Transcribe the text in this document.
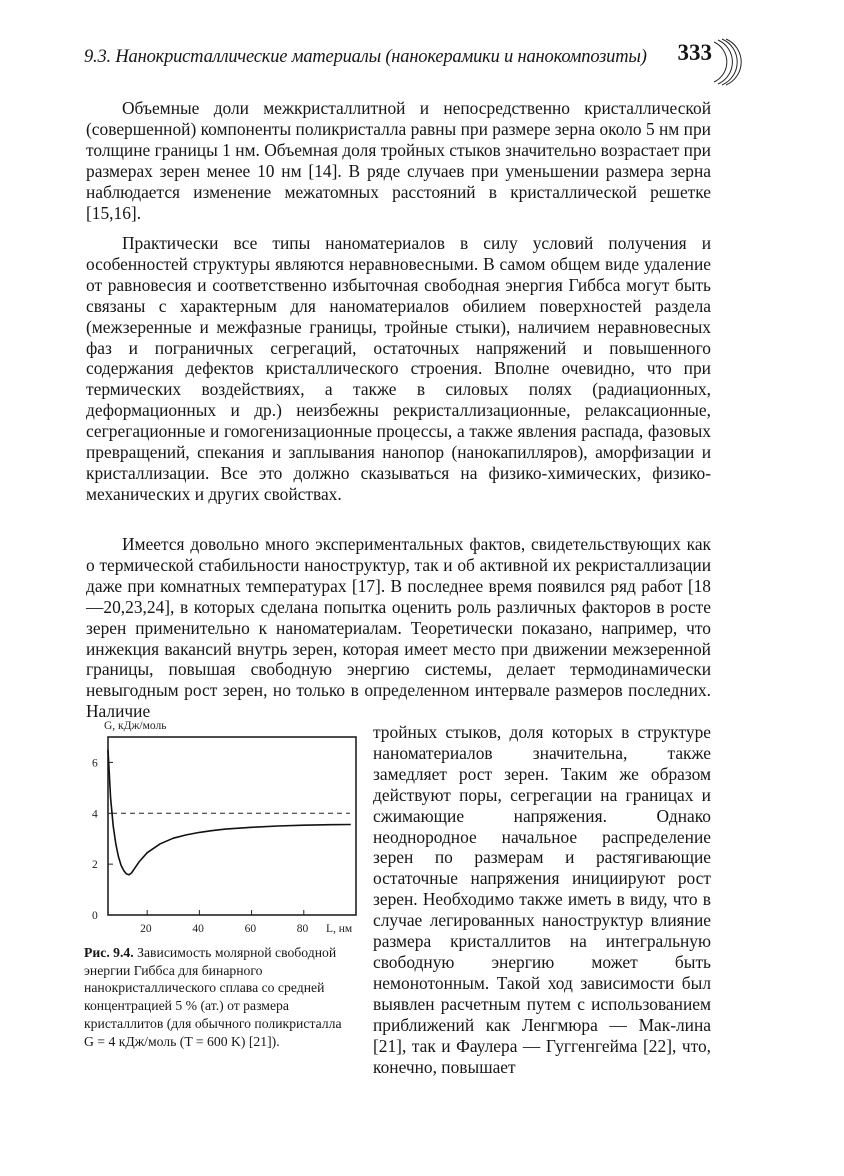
9.3. Нанокристаллические материалы (нанокерамики и нанокомпозиты) 333

Объемные доли межкристаллитной и непосредственно кристаллической (совершенной) компоненты поликристалла равны при размере зерна около 5 нм при толщине границы 1 нм. Объемная доля тройных стыков значительно возрастает при размерах зерен менее 10 нм [14]. В ряде случаев при уменьшении размера зерна наблюдается изменение межатомных расстояний в кристаллической решетке [15,16].

Практически все типы наноматериалов в силу условий получения и особенностей структуры являются неравновесными. В самом общем виде удаление от равновесия и соответственно избыточная свободная энергия Гиббса могут быть связаны с характерным для наноматериалов обилием поверхностей раздела (межзеренные и межфазные границы, тройные стыки), наличием неравновесных фаз и пограничных сегрегаций, остаточных напряжений и повышенного содержания дефектов кристаллического строения. Вполне очевидно, что при термических воздействиях, а также в силовых полях (радиационных, деформационных и др.) неизбежны рекристаллизационные, релаксационные, сегрегационные и гомогенизационные процессы, а также явления распада, фазовых превращений, спекания и заплывания нанопор (нанокапилляров), аморфизации и кристаллизации. Все это должно сказываться на физико-химических, физико-механических и других свойствах.

Имеется довольно много экспериментальных фактов, свидетельствующих как о термической стабильности наноструктур, так и об активной их рекристаллизации даже при комнатных температурах [17]. В последнее время появился ряд работ [18—20,23,24], в которых сделана попытка оценить роль различных факторов в росте зерен применительно к наноматериалам. Теоретически показано, например, что инжекция вакансий внутрь зерен, которая имеет место при движении межзеренной границы, повышая свободную энергию системы, делает термодинамически невыгодным рост зерен, но только в определенном интервале размеров последних. Наличие

тройных стыков, доля которых в структуре наноматериалов значительна, также замедляет рост зерен. Таким же образом действуют поры, сегрегации на границах и сжимающие напряжения. Однако неоднородное начальное распределение зерен по размерам и растягивающие остаточные напряжения инициируют рост зерен. Необходимо также иметь в виду, что в случае легированных наноструктур влияние размера кристаллитов на интегральную свободную энергию может быть немонотонным. Такой ход зависимости был выявлен расчетным путем с использованием приближений как Ленгмюра — Мак-лина [21], так и Фаулера — Гуггенгейма [22], что, конечно, повышает
0
2
4
6
20	40	60	80
G, кДж/моль
L, нм

Рис. 9.4. Зависимость молярной свободной энергии Гиббса для бинарного нанокристаллического сплава со средней концентрацией 5 % (ат.) от размера кристаллитов (для обычного поликристалла G = 4 кДж/моль (T = 600 K) [21]).
